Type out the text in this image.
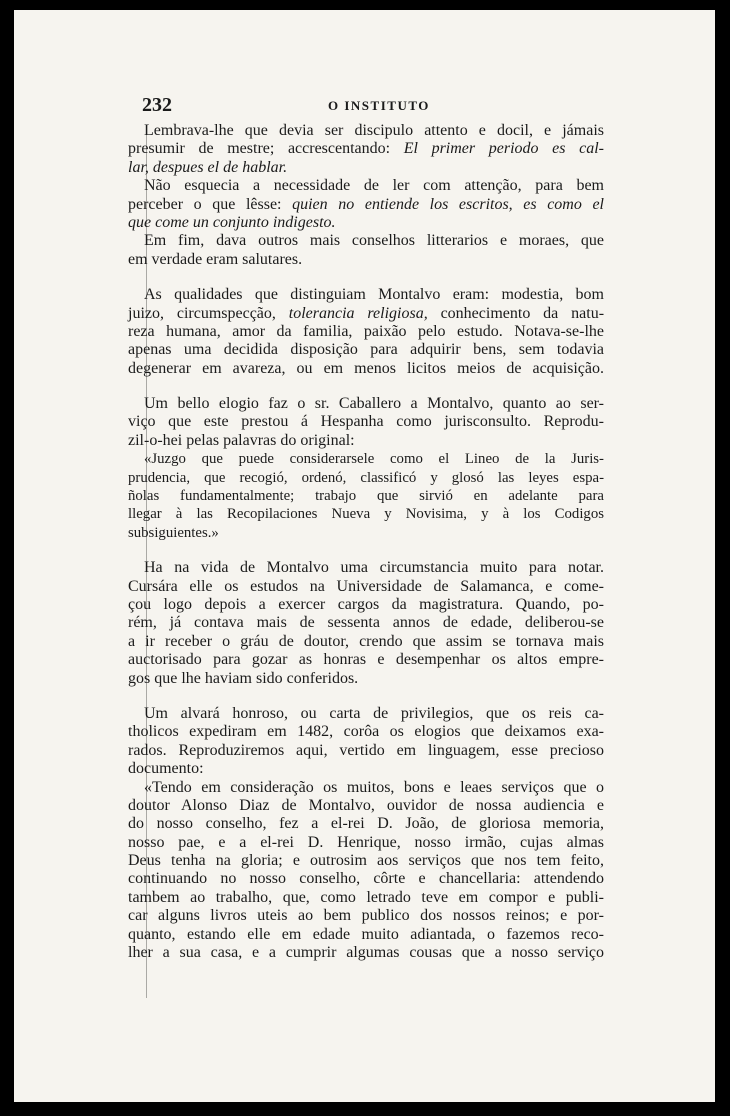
232	O INSTITUTO
Lembrava-lhe que devia ser discipulo attento e docil, e jámais
presumir de mestre; accrescentando: El primer periodo es cal-
lar, despues el de hablar.
Não esquecia a necessidade de ler com attenção, para bem
perceber o que lêsse: quien no entiende los escritos, es como el
que come un conjunto indigesto.
Em fim, dava outros mais conselhos litterarios e moraes, que
em verdade eram salutares.
As qualidades que distinguiam Montalvo eram: modestia, bom
juizo, circumspecção, tolerancia religiosa, conhecimento da natu-
reza humana, amor da familia, paixão pelo estudo. Notava-se-lhe
apenas uma decidida disposição para adquirir bens, sem todavia
degenerar em avareza, ou em menos licitos meios de acquisição.
Um bello elogio faz o sr. Caballero a Montalvo, quanto ao ser-
viço que este prestou á Hespanha como jurisconsulto. Reprodu-
zil-o-hei pelas palavras do original:
«Juzgo que puede considerarsele como el Lineo de la Juris-
prudencia, que recogió, ordenó, classificó y glosó las leyes espa-
ñolas fundamentalmente; trabajo que sirvió en adelante para
llegar à las Recopilaciones Nueva y Novisima, y à los Codigos
subsiguientes.»
Ha na vida de Montalvo uma circumstancia muito para notar.
Cursára elle os estudos na Universidade de Salamanca, e come-
çou logo depois a exercer cargos da magistratura. Quando, po-
rém, já contava mais de sessenta annos de edade, deliberou-se
a ir receber o gráu de doutor, crendo que assim se tornava mais
auctorisado para gozar as honras e desempenhar os altos empre-
gos que lhe haviam sido conferidos.
Um alvará honroso, ou carta de privilegios, que os reis ca-
tholicos expediram em 1482, corôa os elogios que deixamos exa-
rados. Reproduziremos aqui, vertido em linguagem, esse precioso
documento:
«Tendo em consideração os muitos, bons e leaes serviços que o
doutor Alonso Diaz de Montalvo, ouvidor de nossa audiencia e
do nosso conselho, fez a el-rei D. João, de gloriosa memoria,
nosso pae, e a el-rei D. Henrique, nosso irmão, cujas almas
Deus tenha na gloria; e outrosim aos serviços que nos tem feito,
continuando no nosso conselho, côrte e chancellaria: attendendo
tambem ao trabalho, que, como letrado teve em compor e publi-
car alguns livros uteis ao bem publico dos nossos reinos; e por-
quanto, estando elle em edade muito adiantada, o fazemos reco-
lher a sua casa, e a cumprir algumas cousas que a nosso serviço
